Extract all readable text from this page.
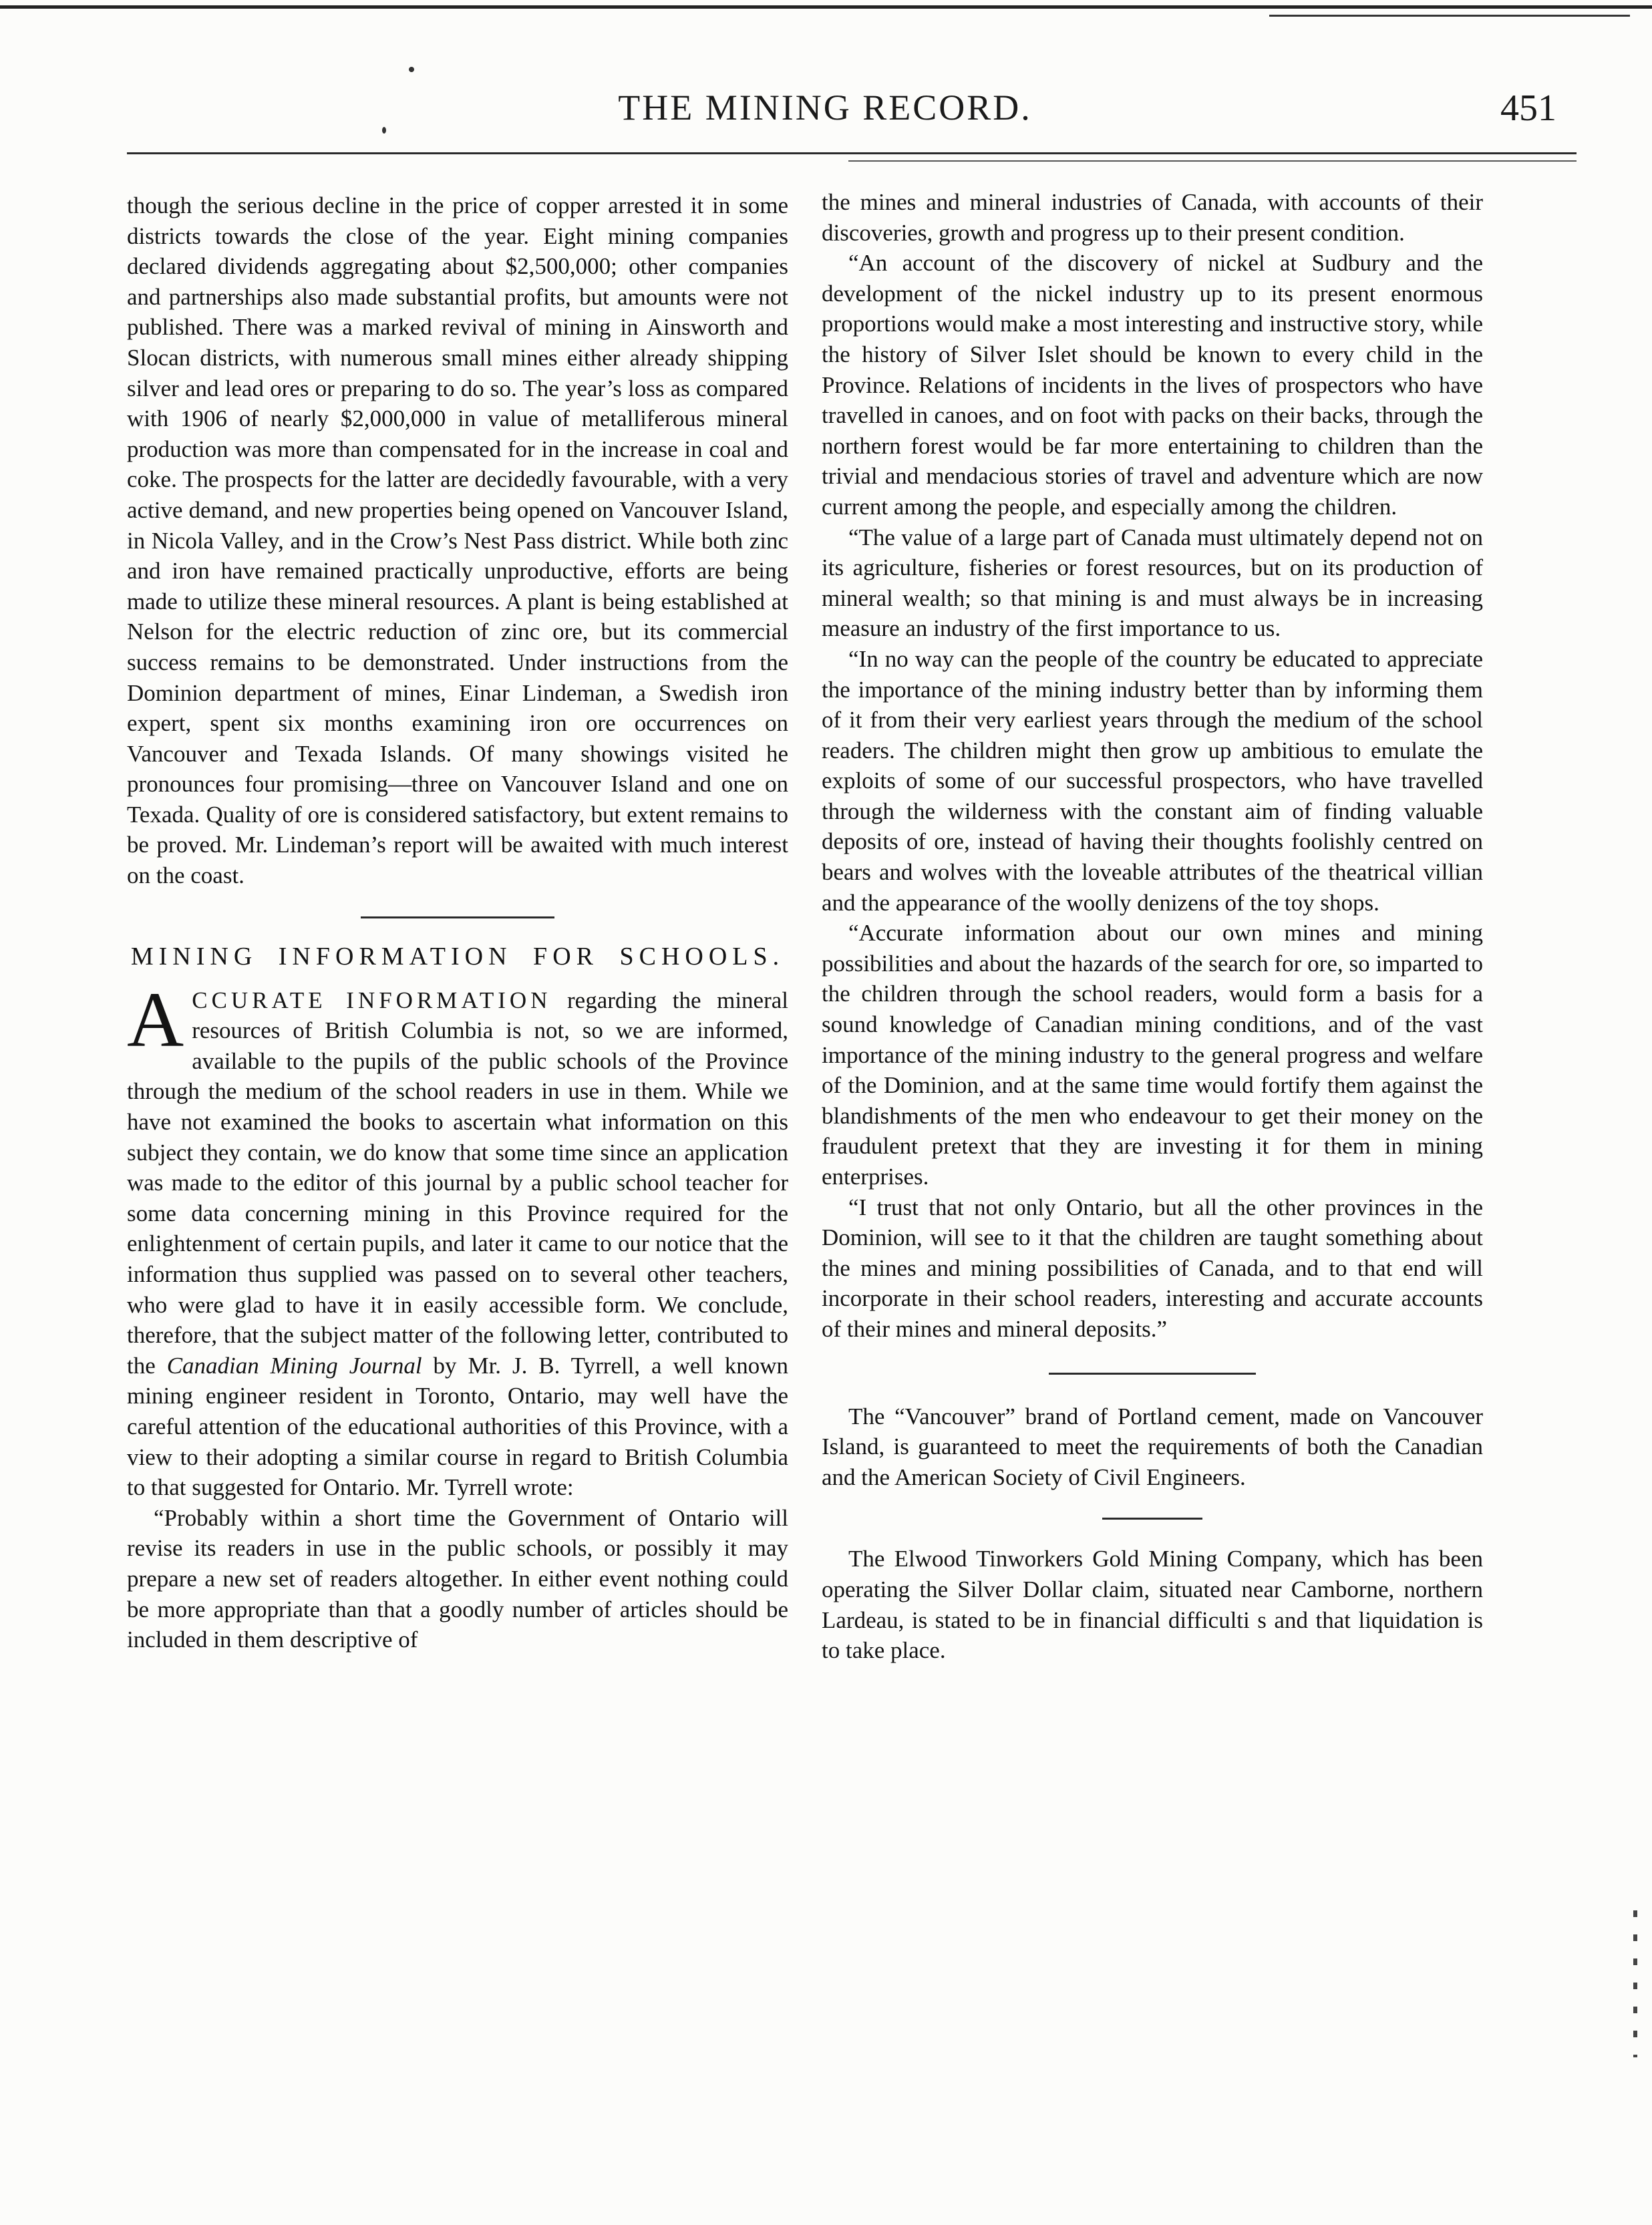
THE MINING RECORD.	451

though the serious decline in the price of copper arrested it in some districts towards the close of the year. Eight mining companies declared dividends aggregating about $2,500,000; other companies and partnerships also made substantial profits, but amounts were not published. There was a marked revival of mining in Ainsworth and Slocan districts, with numerous small mines either already shipping silver and lead ores or preparing to do so. The year’s loss as compared with 1906 of nearly $2,000,000 in value of metalliferous mineral production was more than compensated for in the increase in coal and coke. The prospects for the latter are decidedly favourable, with a very active demand, and new properties being opened on Vancouver Island, in Nicola Valley, and in the Crow’s Nest Pass district. While both zinc and iron have remained practically unproductive, efforts are being made to utilize these mineral resources. A plant is being established at Nelson for the electric reduction of zinc ore, but its commercial success remains to be demonstrated. Under instructions from the Dominion department of mines, Einar Lindeman, a Swedish iron expert, spent six months examining iron ore occurrences on Vancouver and Texada Islands. Of many showings visited he pronounces four promising—three on Vancouver Island and one on Texada. Quality of ore is considered satisfactory, but extent remains to be proved. Mr. Lindeman’s report will be awaited with much interest on the coast.

MINING INFORMATION FOR SCHOOLS.

ACCURATE INFORMATION regarding the mineral resources of British Columbia is not, so we are informed, available to the pupils of the public schools of the Province through the medium of the school readers in use in them. While we have not examined the books to ascertain what information on this subject they contain, we do know that some time since an application was made to the editor of this journal by a public school teacher for some data concerning mining in this Province required for the enlightenment of certain pupils, and later it came to our notice that the information thus supplied was passed on to several other teachers, who were glad to have it in easily accessible form. We conclude, therefore, that the subject matter of the following letter, contributed to the Canadian Mining Journal by Mr. J. B. Tyrrell, a well known mining engineer resident in Toronto, Ontario, may well have the careful attention of the educational authorities of this Province, with a view to their adopting a similar course in regard to British Columbia to that suggested for Ontario. Mr. Tyrrell wrote:

“Probably within a short time the Government of Ontario will revise its readers in use in the public schools, or possibly it may prepare a new set of readers altogether. In either event nothing could be more appropriate than that a goodly number of articles should be included in them descriptive of

the mines and mineral industries of Canada, with accounts of their discoveries, growth and progress up to their present condition.

“An account of the discovery of nickel at Sudbury and the development of the nickel industry up to its present enormous proportions would make a most interesting and instructive story, while the history of Silver Islet should be known to every child in the Province. Relations of incidents in the lives of prospectors who have travelled in canoes, and on foot with packs on their backs, through the northern forest would be far more entertaining to children than the trivial and mendacious stories of travel and adventure which are now current among the people, and especially among the children.

“The value of a large part of Canada must ultimately depend not on its agriculture, fisheries or forest resources, but on its production of mineral wealth; so that mining is and must always be in increasing measure an industry of the first importance to us.

“In no way can the people of the country be educated to appreciate the importance of the mining industry better than by informing them of it from their very earliest years through the medium of the school readers. The children might then grow up ambitious to emulate the exploits of some of our successful prospectors, who have travelled through the wilderness with the constant aim of finding valuable deposits of ore, instead of having their thoughts foolishly centred on bears and wolves with the loveable attributes of the theatrical villian and the appearance of the woolly denizens of the toy shops.

“Accurate information about our own mines and mining possibilities and about the hazards of the search for ore, so imparted to the children through the school readers, would form a basis for a sound knowledge of Canadian mining conditions, and of the vast importance of the mining industry to the general progress and welfare of the Dominion, and at the same time would fortify them against the blandishments of the men who endeavour to get their money on the fraudulent pretext that they are investing it for them in mining enterprises.

“I trust that not only Ontario, but all the other provinces in the Dominion, will see to it that the children are taught something about the mines and mining possibilities of Canada, and to that end will incorporate in their school readers, interesting and accurate accounts of their mines and mineral deposits.”

The “Vancouver” brand of Portland cement, made on Vancouver Island, is guaranteed to meet the requirements of both the Canadian and the American Society of Civil Engineers.

The Elwood Tinworkers Gold Mining Company, which has been operating the Silver Dollar claim, situated near Camborne, northern Lardeau, is stated to be in financial difficulti s and that liquidation is to take place.
